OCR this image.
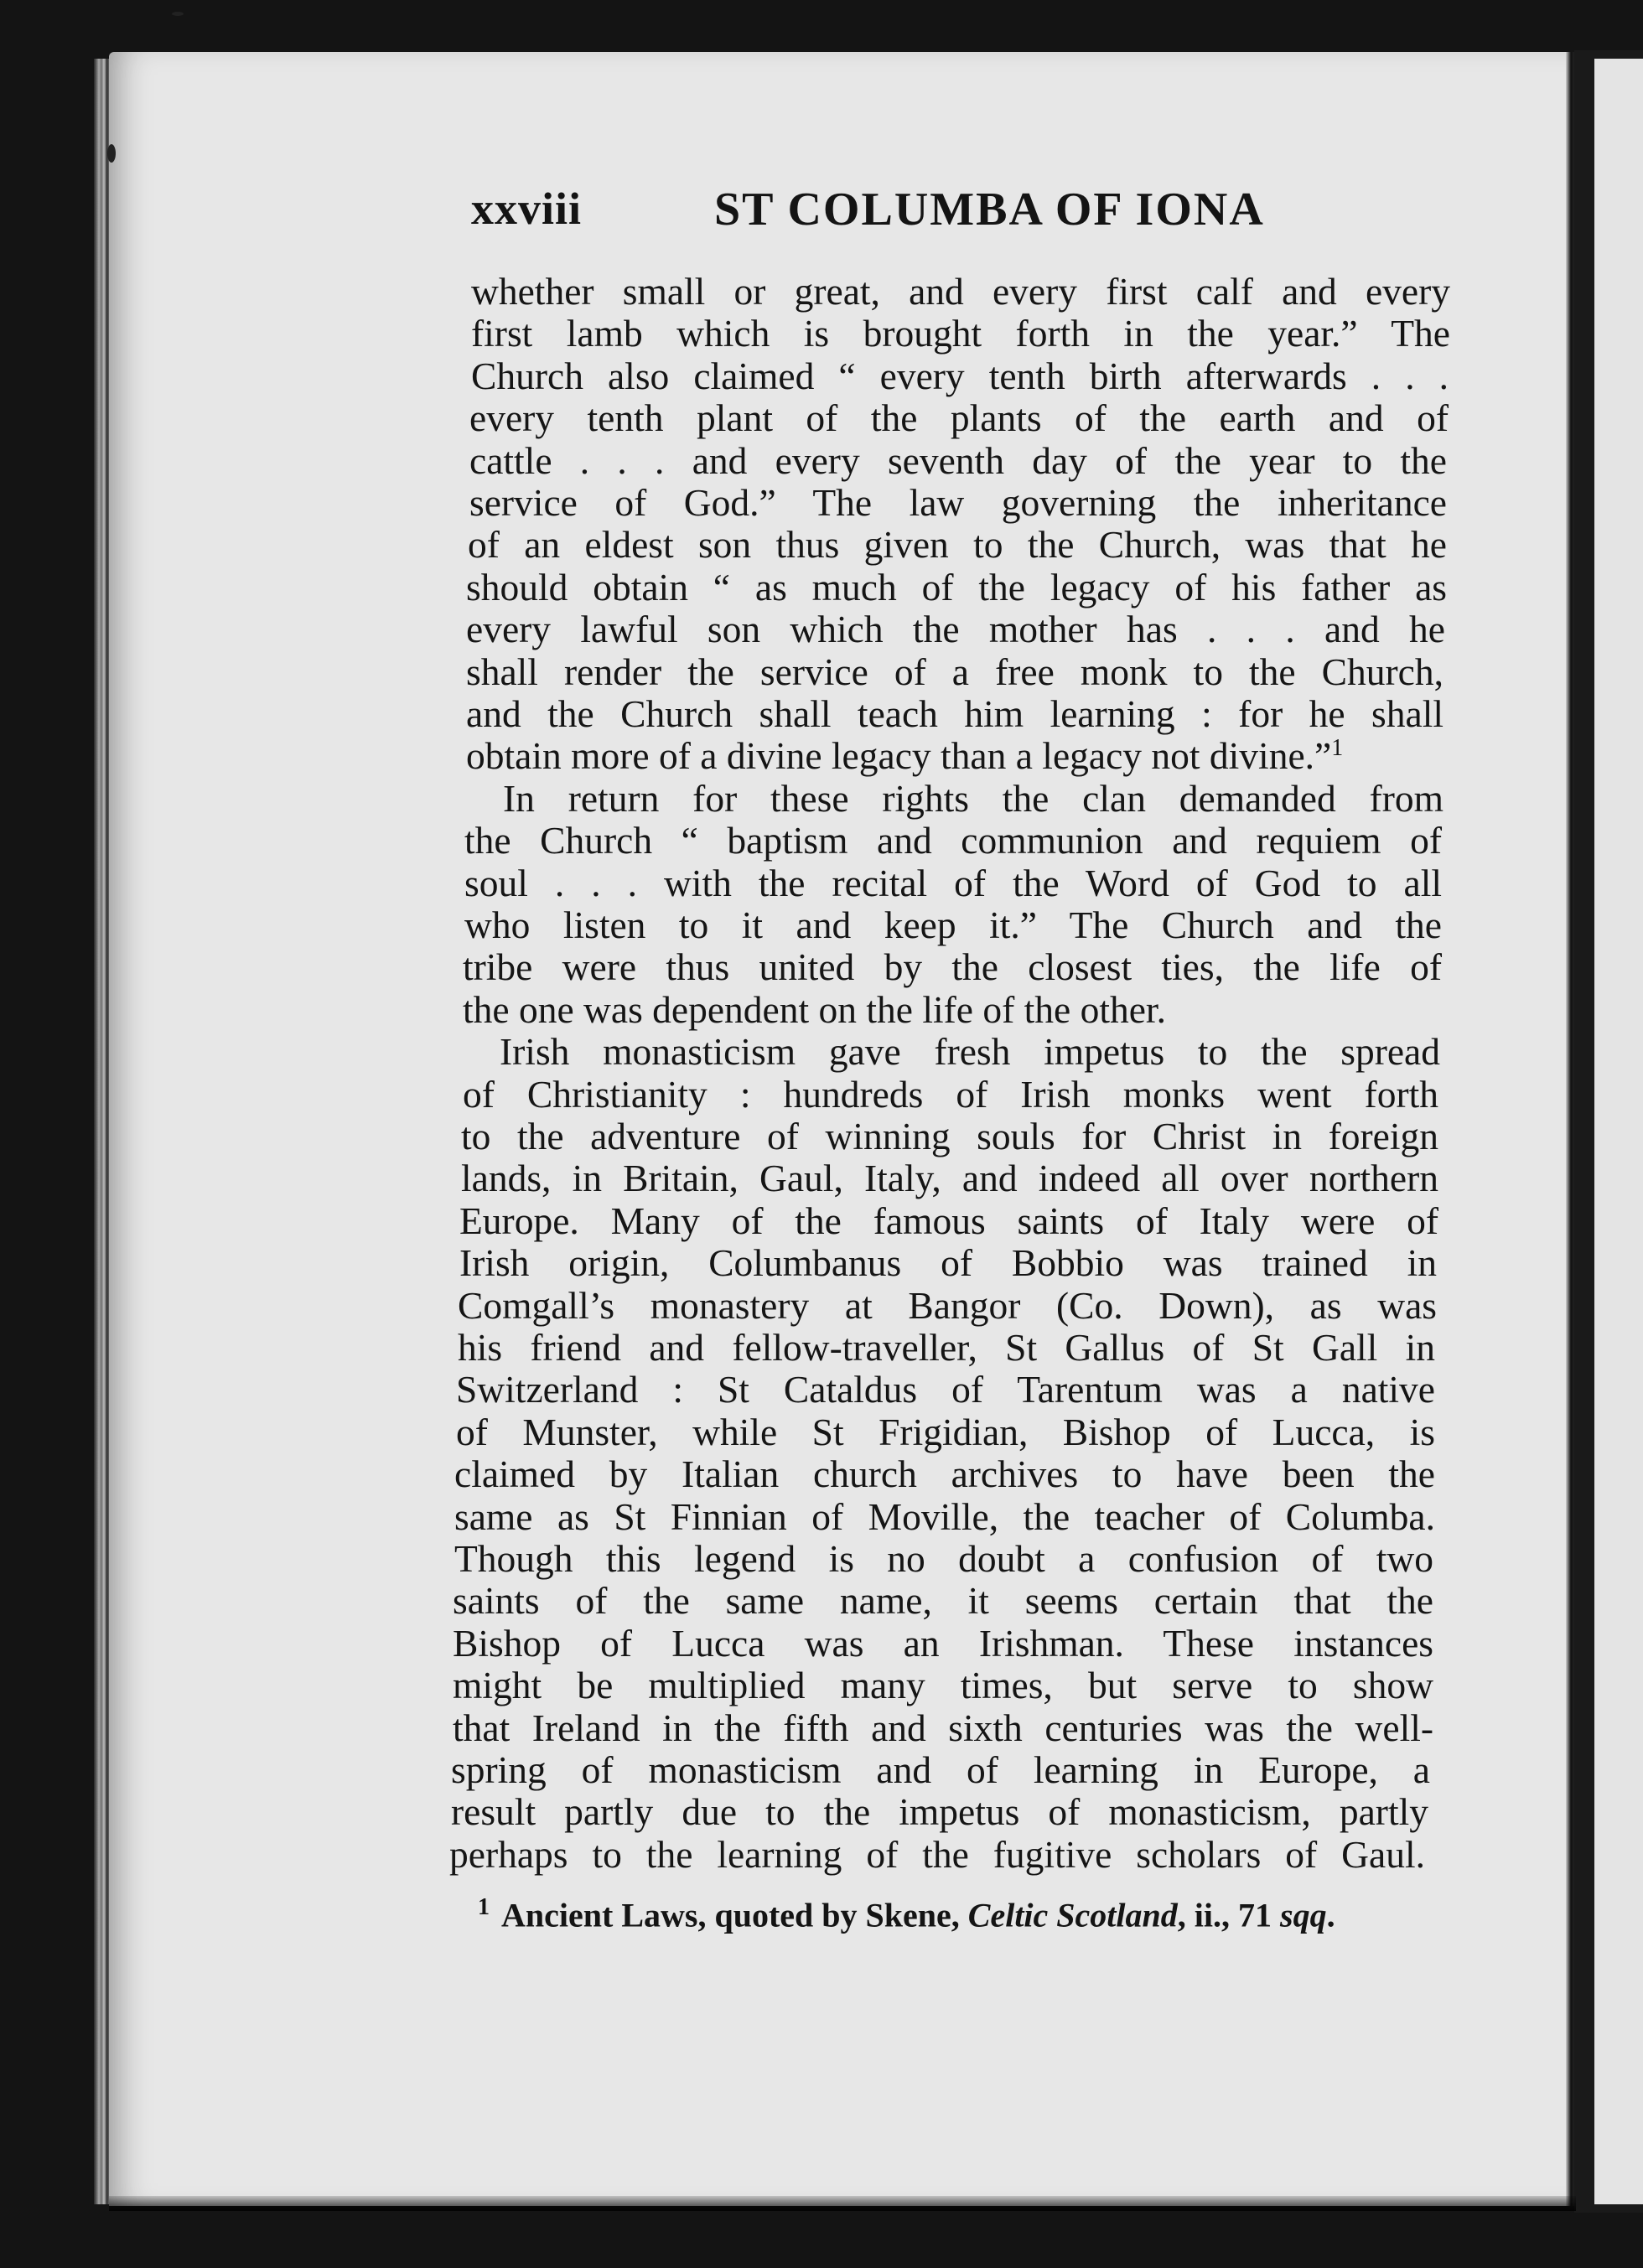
xxviii	ST COLUMBA OF IONA
whether small or great, and every first calf and every
first lamb which is brought forth in the year.” The
Church also claimed “ every tenth birth afterwards . . .
every tenth plant of the plants of the earth and of
cattle . . . and every seventh day of the year to the
service of God.” The law governing the inheritance
of an eldest son thus given to the Church, was that he
should obtain “ as much of the legacy of his father as
every lawful son which the mother has . . . and he
shall render the service of a free monk to the Church,
and the Church shall teach him learning : for he shall
obtain more of a divine legacy than a legacy not divine.”$^1$
In return for these rights the clan demanded from
the Church “ baptism and communion and requiem of
soul . . . with the recital of the Word of God to all
who listen to it and keep it.” The Church and the
tribe were thus united by the closest ties, the life of
the one was dependent on the life of the other.
Irish monasticism gave fresh impetus to the spread
of Christianity : hundreds of Irish monks went forth
to the adventure of winning souls for Christ in foreign
lands, in Britain, Gaul, Italy, and indeed all over northern
Europe. Many of the famous saints of Italy were of
Irish origin, Columbanus of Bobbio was trained in
Comgall’s monastery at Bangor (Co. Down), as was
his friend and fellow-traveller, St Gallus of St Gall in
Switzerland : St Cataldus of Tarentum was a native
of Munster, while St Frigidian, Bishop of Lucca, is
claimed by Italian church archives to have been the
same as St Finnian of Moville, the teacher of Columba.
Though this legend is no doubt a confusion of two
saints of the same name, it seems certain that the
Bishop of Lucca was an Irishman. These instances
might be multiplied many times, but serve to show
that Ireland in the fifth and sixth centuries was the well-
spring of monasticism and of learning in Europe, a
result partly due to the impetus of monasticism, partly
perhaps to the learning of the fugitive scholars of Gaul.
$^1$ Ancient Laws, quoted by Skene, Celtic Scotland, ii., 71 sqq.
